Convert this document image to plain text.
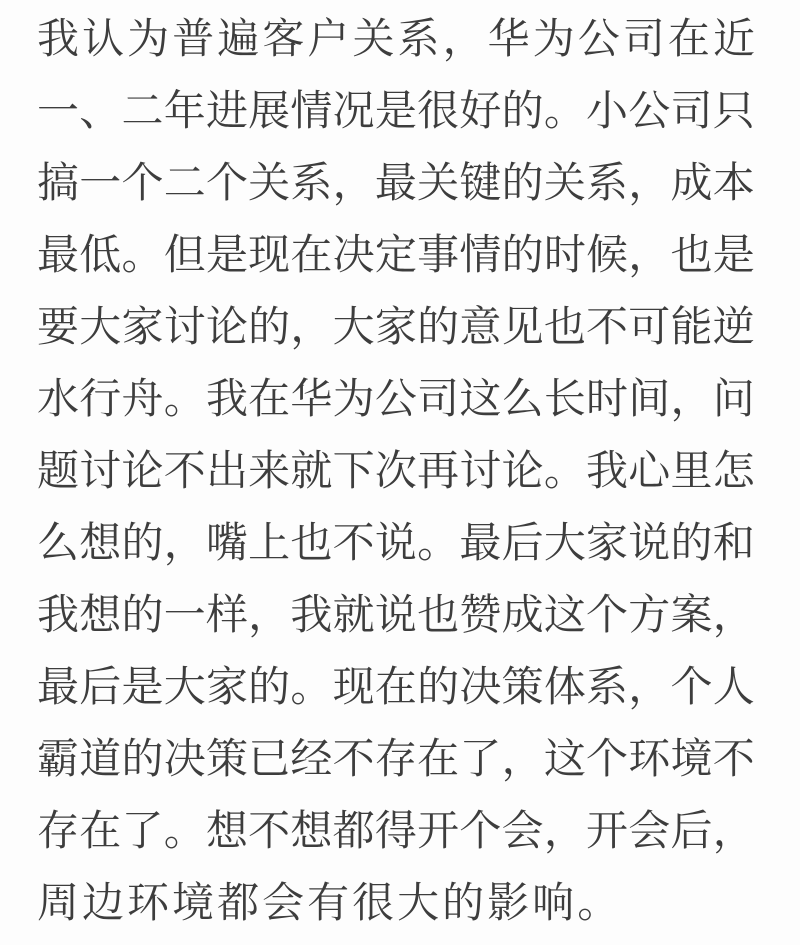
我 认 为 普 遍 客 户 关 系 ， 华 为 公 司 在 近
一 、 二 年 进 展 情 况 是 很 好 的 。 小 公 司 只
搞 一 个 二 个 关 系 ， 最 关 键 的 关 系 ， 成 本
最 低 。 但 是 现 在 决 定 事 情 的 时 候 ， 也 是
要 大 家 讨 论 的 ， 大 家 的 意 见 也 不 可 能 逆
水 行 舟 。 我 在 华 为 公 司 这 么 长 时 间 ， 问
题 讨 论 不 出 来 就 下 次 再 讨 论 。 我 心 里 怎
么 想 的 ， 嘴 上 也 不 说 。 最 后 大 家 说 的 和
我 想 的 一 样 ， 我 就 说 也 赞 成 这 个 方 案 ，
最 后 是 大 家 的 。 现 在 的 决 策 体 系 ， 个 人
霸 道 的 决 策 已 经 不 存 在 了 ， 这 个 环 境 不
存 在 了 。 想 不 想 都 得 开 个 会 ， 开 会 后 ，
周 边 环 境 都 会 有 很 大 的 影 响 。
